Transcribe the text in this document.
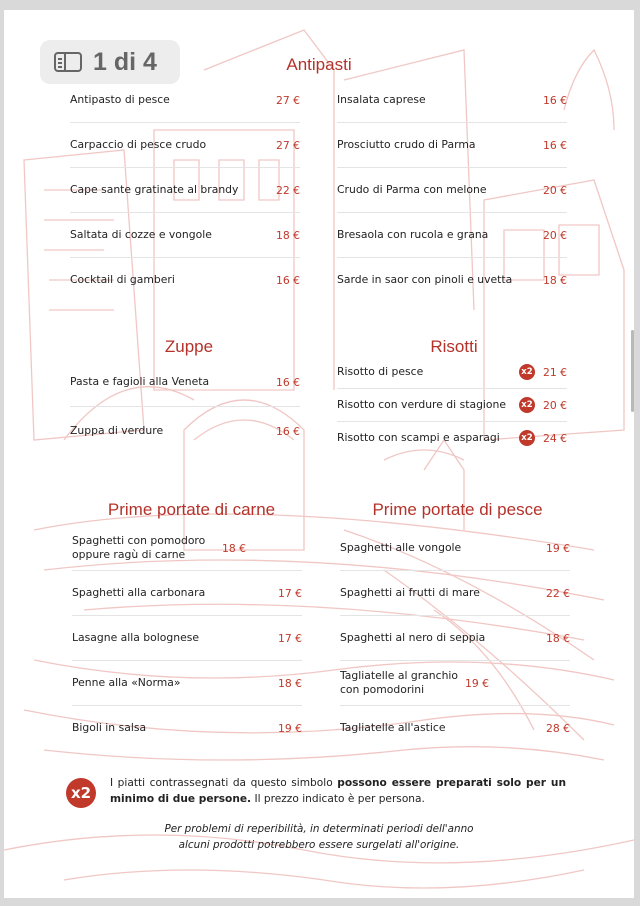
1 di 4	Antipasti
Antipasto di pesce	27 €
Carpaccio di pesce crudo	27 €
Cape sante gratinate al brandy	22 €
Saltata di cozze e vongole	18 €
Cocktail di gamberi	16 €
Insalata caprese	16 €
Prosciutto crudo di Parma	16 €
Crudo di Parma con melone	20 €
Bresaola con rucola e grana	20 €
Sarde in saor con pinoli e uvetta	18 €
Zuppe
Pasta e fagioli alla Veneta	16 €
Zuppa di verdure	16 €
Risotti
Risotto di pesce	x2 21 €
Risotto con verdure di stagione	x2 20 €
Risotto con scampi e asparagi	x2 24 €
Prime portate di carne
Spaghetti con pomodoro oppure ragù di carne	18 €
Spaghetti alla carbonara	17 €
Lasagne alla bolognese	17 €
Penne alla «Norma»	18 €
Bigoli in salsa	19 €
Prime portate di pesce
Spaghetti alle vongole	19 €
Spaghetti ai frutti di mare	22 €
Spaghetti al nero di seppia	18 €
Tagliatelle al granchio con pomodorini	19 €
Tagliatelle all'astice	28 €
x2
I piatti contrassegnati da questo simbolo possono essere preparati solo per un minimo di due persone. Il prezzo indicato è per persona.
Per problemi di reperibilità, in determinati periodi dell'anno
alcuni prodotti potrebbero essere surgelati all'origine.
